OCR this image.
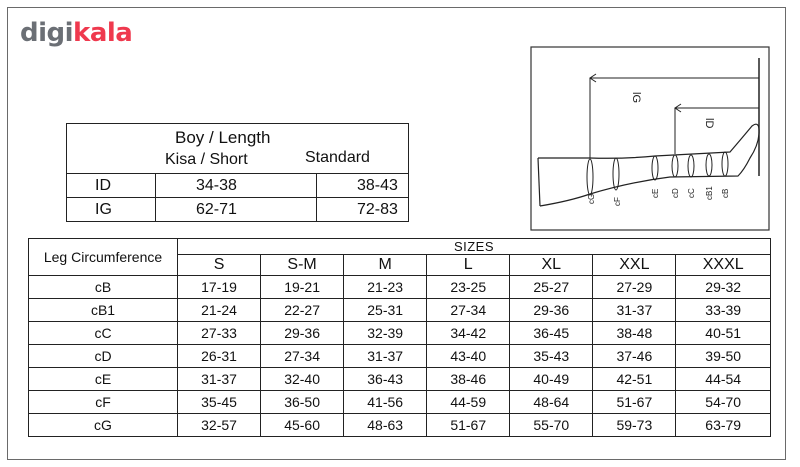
digikala
Boy / Length
Kisa / Short Standard		

ID	34-38	38-43
IG	62-71	72-83
Leg Circumference	SIZES						
	S	S-M	M	L	XL	XXL	XXXL
cB	17-19	19-21	21-23	23-25	25-27	27-29	29-32
cB1	21-24	22-27	25-31	27-34	29-36	31-37	33-39
cC	27-33	29-36	32-39	34-42	36-45	38-48	40-51
cD	26-31	27-34	31-37	43-40	35-43	37-46	39-50
cE	31-37	32-40	36-43	38-46	40-49	42-51	44-54
cF	35-45	36-50	41-56	44-59	48-64	51-67	54-70
cG	32-57	45-60	48-63	51-67	55-70	59-73	63-79
lG
lD
cG cF
cE cD cC cB1 cB
